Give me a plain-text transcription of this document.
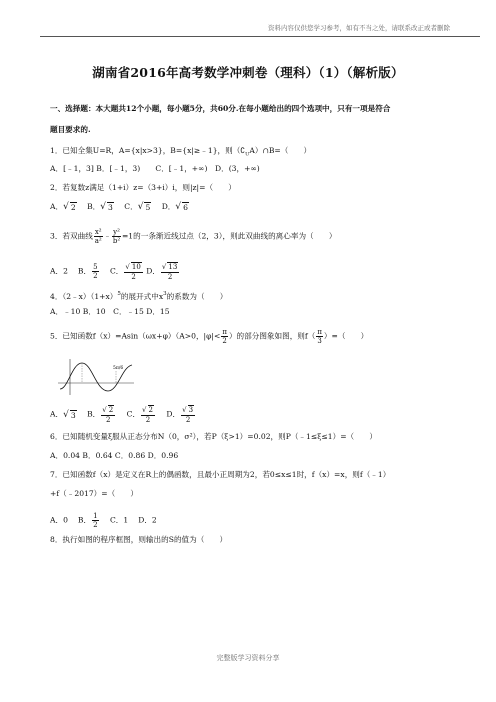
资料内容仅供您学习参考，如有不当之处，请联系改正或者删除
湖南省2016年高考数学冲刺卷（理科）（1）（解析版）
一、选择题：本大题共12个小题，每小题5分，共60分.在每小题给出的四个选项中，只有一项是符合
题目要求的.
1．已知全集U=R，A={x|x>3}，B={x|≥﹣1}，则$(∁_UA)\cap B=$（　　）
A．[﹣1，3] B．[﹣1，3)　　C．[﹣1，+∞)　D．(3，+∞)
2．若复数z满足（1+i）z=（3+i）i，则|z|=（　　）
A． √ 2 B． √ 3 C． √ 5 D． √ 6
3．若双曲线 $\frac{\text{x²}}{\text{a²}}$ ﹣ $\frac{\text{y²}}{\text{b²}} =1$的一条渐近线过点（2，3），则此双曲线的离心率为（　　）
A．2　 B． $\frac{5}{2}$ C． $\frac{√ 10}{2}$ D． $\frac{√ 13}{2}$
4．$(2﹣x)(1+x)^5$的展开式中$x^3$的系数为（　　）
A．﹣10 B．10　C．﹣15 D．15
5．已知函数f（x）=Asin（ωx+φ）（A>0，$|\varphi|< \frac{\pi}{2}$ ）的部分图象如图，则$f( \frac{\pi}{3}$ ）=（　　）
5π/6
A． √ 3 B． $\frac{√ 2}{2}$ C． $\frac{√ 2}{2}$ D． $\frac{√ 3}{2}$
6．已知随机变量ξ服从正态分布N（0，σ²），若P（ξ>1）=0.02，则P（﹣1≤ξ≤1）=（　　）
A．0.04 B．0.64 C．0.86 D．0.96
7．已知函数f（x）是定义在R上的偶函数，且最小正周期为2，若0≤x≤1时，f（x）=x，则f（﹣1）
+f（﹣2017）=（　　）
A．0　 B． $\frac{1}{2}$ C．1　 D．2
8．执行如图的程序框图，则输出的S的值为（　　）
完整版学习资料分享
